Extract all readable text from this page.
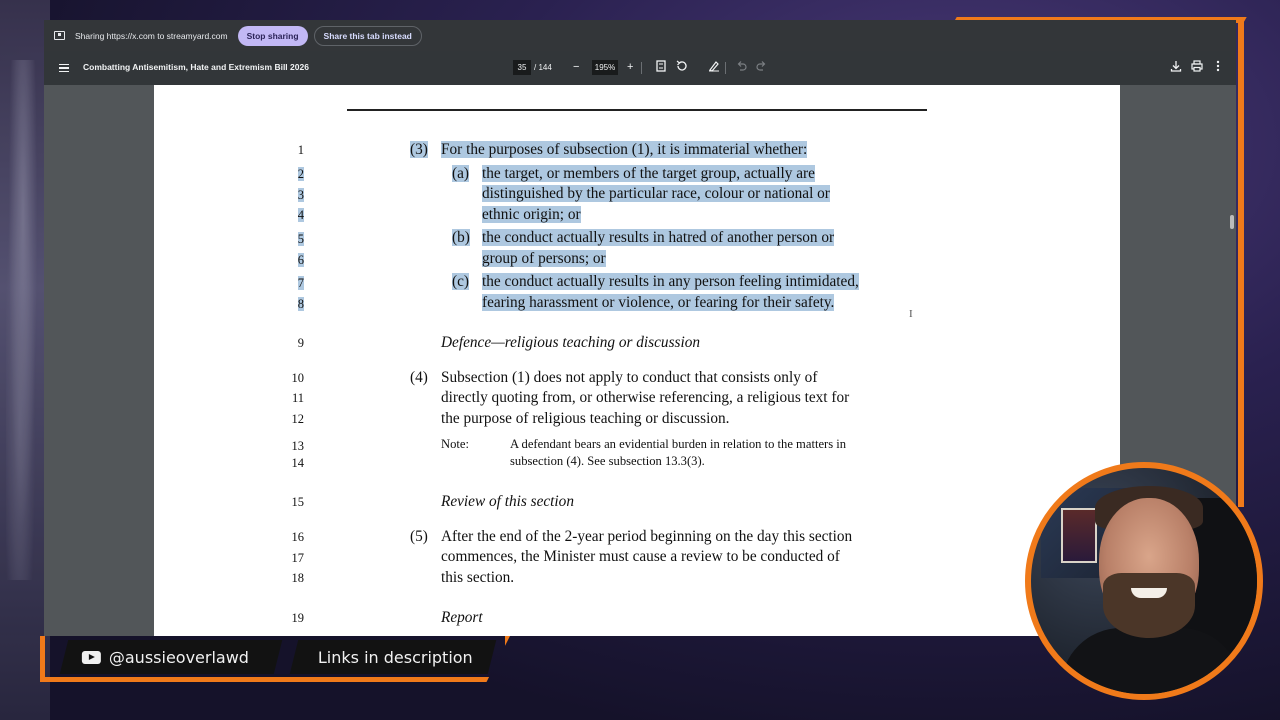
Sharing https://x.com to streamyard.com	Stop sharing	Share this tab instead
Combatting Antisemitism, Hate and Extremism Bill 2026	35 / 144 −	195% +
1
2
3
4
5
6
7
8
9
10
11
12
13
14
15
16
17
18
19
(3) For the purposes of subsection (1), it is immaterial whether:
(a) the target, or members of the target group, actually are
distinguished by the particular race, colour or national or
ethnic origin; or
(b) the conduct actually results in hatred of another person or
group of persons; or
(c) the conduct actually results in any person feeling intimidated,
fearing harassment or violence, or fearing for their safety.
I
Defence—religious teaching or discussion
(4) Subsection (1) does not apply to conduct that consists only of
directly quoting from, or otherwise referencing, a religious text for
the purpose of religious teaching or discussion.
Note:	A defendant bears an evidential burden in relation to the matters in
subsection (4). See subsection 13.3(3).
Review of this section
(5) After the end of the 2-year period beginning on the day this section
commences, the Minister must cause a review to be conducted of
this section.
Report
@aussieoverlawd	Links in description
